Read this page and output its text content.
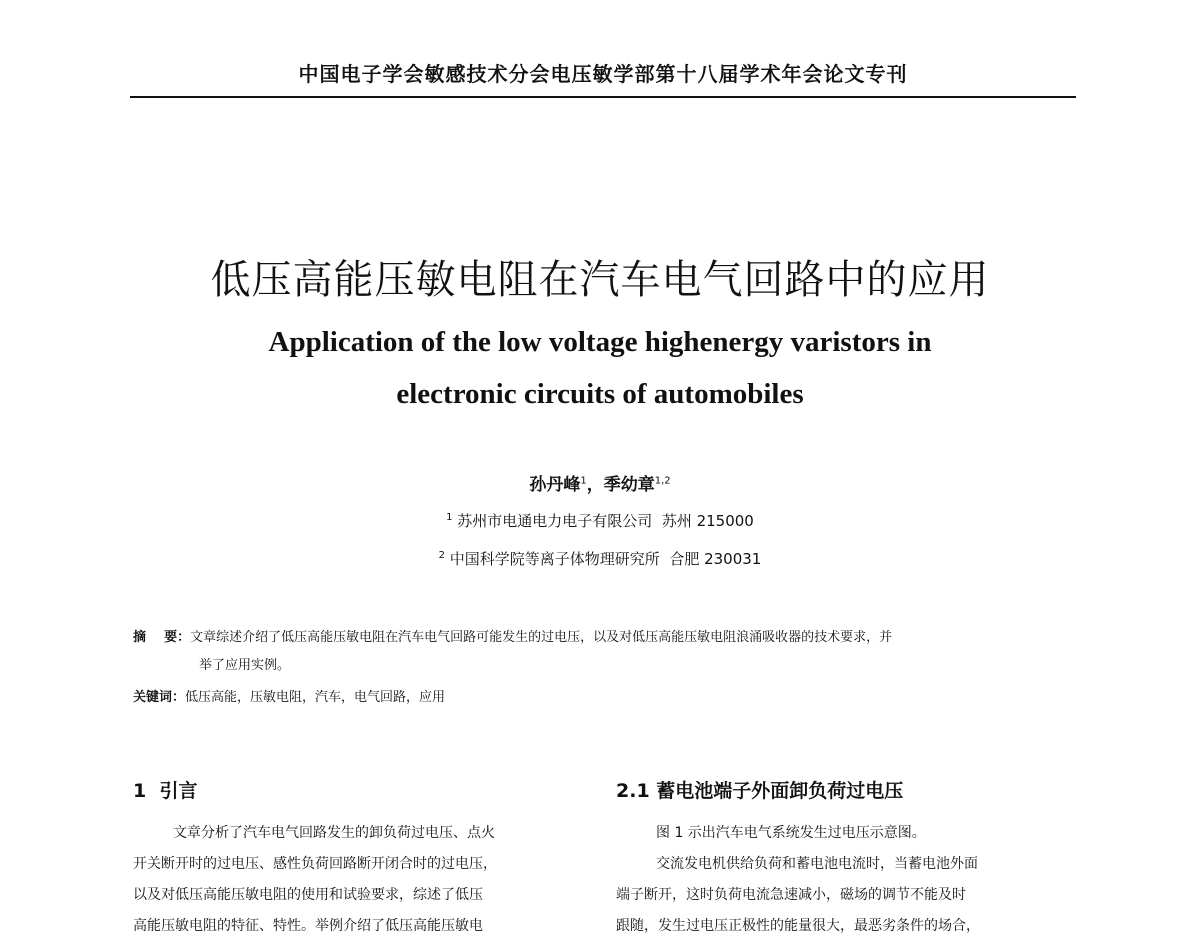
中国电子学会敏感技术分会电压敏学部第十八届学术年会论文专刊
低压高能压敏电阻在汽车电气回路中的应用
Application of the low voltage highenergy varistors in
electronic circuits of automobiles
孙丹峰$^1$，季幼章$^{1,2}$
$^1$ 苏州市电通电力电子有限公司  苏州 215000
$^2$ 中国科学院等离子体物理研究所  合肥 230031
摘    要：文章综述介绍了低压高能压敏电阻在汽车电气回路可能发生的过电压，以及对低压高能压敏电阻浪涌吸收器的技术要求，并
举了应用实例。
关键词：低压高能，压敏电阻，汽车，电气回路，应用
1  引言	2.1 蓄电池端子外面卸负荷过电压
文章分析了汽车电气回路发生的卸负荷过电压、点火
开关断开时的过电压、感性负荷回路断开闭合时的过电压，
以及对低压高能压敏电阻的使用和试验要求，综述了低压
高能压敏电阻的特征、特性。举例介绍了低压高能压敏电
图 1 示出汽车电气系统发生过电压示意图。
交流发电机供给负荷和蓄电池电流时，当蓄电池外面
端子断开，这时负荷电流急速减小，磁场的调节不能及时
跟随，发生过电压正极性的能量很大，最恶劣条件的场合，
